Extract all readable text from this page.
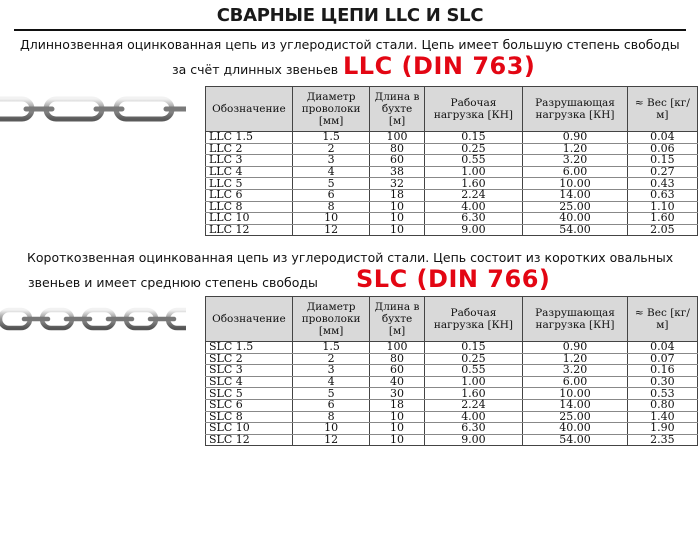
СВАРНЫЕ ЦЕПИ LLC И SLC
Длиннозвенная оцинкованная цепь из углеродистой стали. Цепь имеет большую степень свободы
за счёт длинных звеньев LLC (DIN 763)
Обозначение	Диаметр проволоки [мм]	Длина в бухте [м]	Рабочая нагрузка [КН]	Разрушающая нагрузка [КН]	≈ Вес [кг/м]
LLC 1.5	1.5	100	0.15	0.90	0.04
LLC 2	2	80	0.25	1.20	0.06
LLC 3	3	60	0.55	3.20	0.15
LLC 4	4	38	1.00	6.00	0.27
LLC 5	5	32	1.60	10.00	0.43
LLC 6	6	18	2.24	14.00	0.63
LLC 8	8	10	4.00	25.00	1.10
LLC 10	10	10	6.30	40.00	1.60
LLC 12	12	10	9.00	54.00	2.05
Короткозвенная оцинкованная цепь из углеродистой стали. Цепь состоит из коротких овальных
звеньев и имеет среднюю степень свободы SLC (DIN 766)
Обозначение	Диаметр проволоки [мм]	Длина в бухте [м]	Рабочая нагрузка [КН]	Разрушающая нагрузка [КН]	≈ Вес [кг/м]
SLC 1.5	1.5	100	0.15	0.90	0.04
SLC 2	2	80	0.25	1.20	0.07
SLC 3	3	60	0.55	3.20	0.16
SLC 4	4	40	1.00	6.00	0.30
SLC 5	5	30	1.60	10.00	0.53
SLC 6	6	18	2.24	14.00	0.80
SLC 8	8	10	4.00	25.00	1.40
SLC 10	10	10	6.30	40.00	1.90
SLC 12	12	10	9.00	54.00	2.35
